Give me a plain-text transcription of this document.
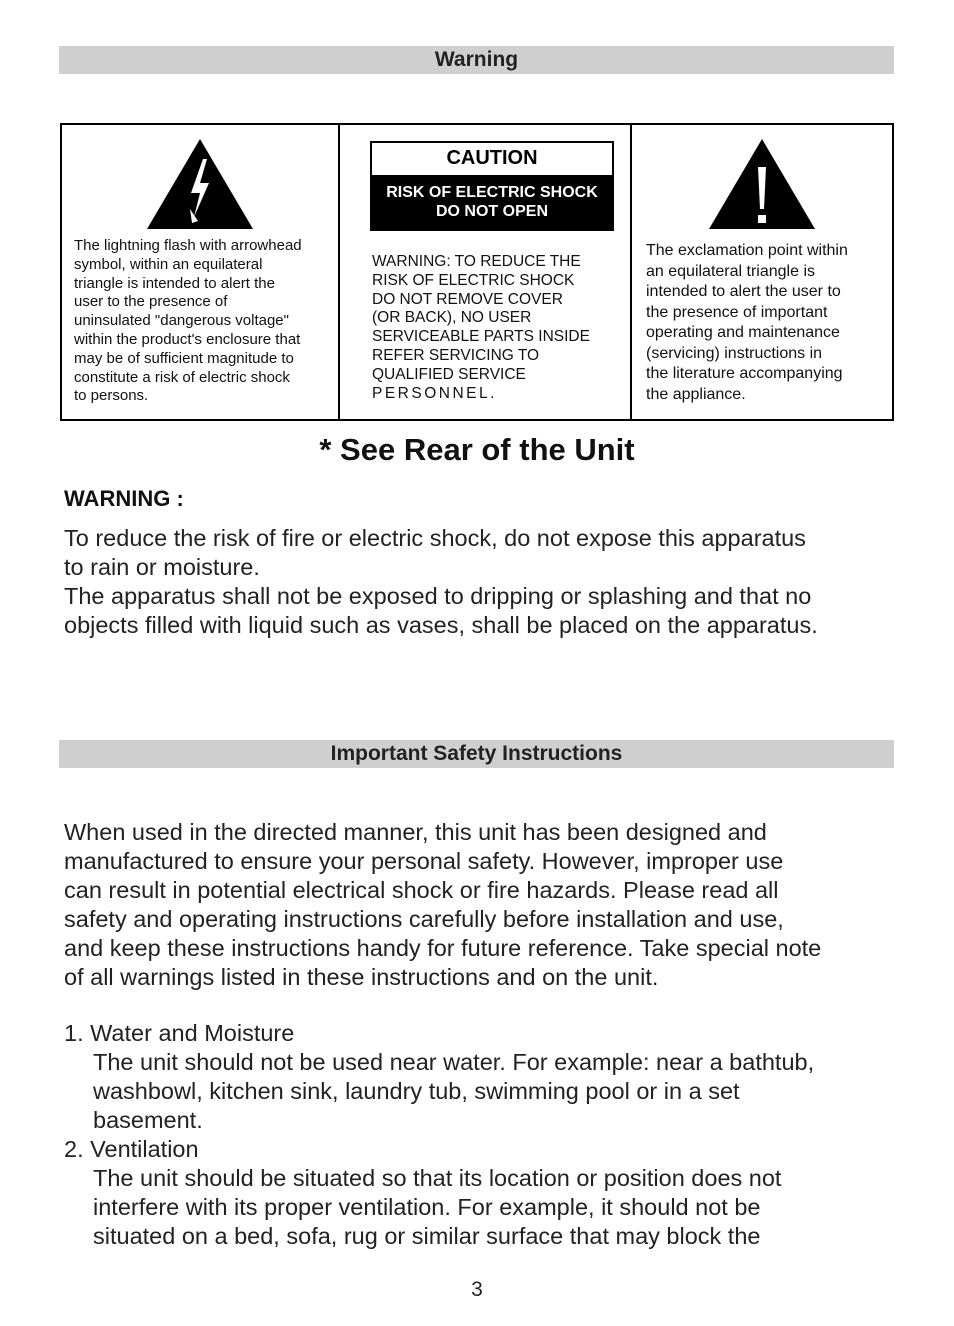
Warning
The lightning flash with arrowhead
symbol, within an equilateral
triangle is intended to alert the
user to the presence of
uninsulated "dangerous voltage"
within the product's enclosure that
may be of sufficient magnitude to
constitute a risk of electric shock
to persons.
CAUTION
RISK OF ELECTRIC SHOCK
DO NOT OPEN
WARNING: TO REDUCE THE
RISK OF ELECTRIC SHOCK
DO NOT REMOVE COVER
(OR BACK), NO USER
SERVICEABLE PARTS INSIDE
REFER SERVICING TO
QUALIFIED SERVICE
PERSONNEL.
The exclamation point within
an equilateral triangle is
intended to alert the user to
the presence of important
operating and maintenance
(servicing) instructions in
the literature accompanying
the appliance.
* See Rear of the Unit
WARNING :
To reduce the risk of fire or electric shock, do not expose this apparatus
to rain or moisture.
The apparatus shall not be exposed to dripping or splashing and that no
objects filled with liquid such as vases, shall be placed on the apparatus.
Important Safety Instructions
When used in the directed manner, this unit has been designed and
manufactured to ensure your personal safety. However, improper use
can result in potential electrical shock or fire hazards. Please read all
safety and operating instructions carefully before installation and use,
and keep these instructions handy for future reference. Take special note
of all warnings listed in these instructions and on the unit.
1. Water and Moisture
The unit should not be used near water. For example: near a bathtub,
washbowl, kitchen sink, laundry tub, swimming pool or in a set
basement.
2. Ventilation
The unit should be situated so that its location or position does not
interfere with its proper ventilation. For example, it should not be
situated on a bed, sofa, rug or similar surface that may block the
3
